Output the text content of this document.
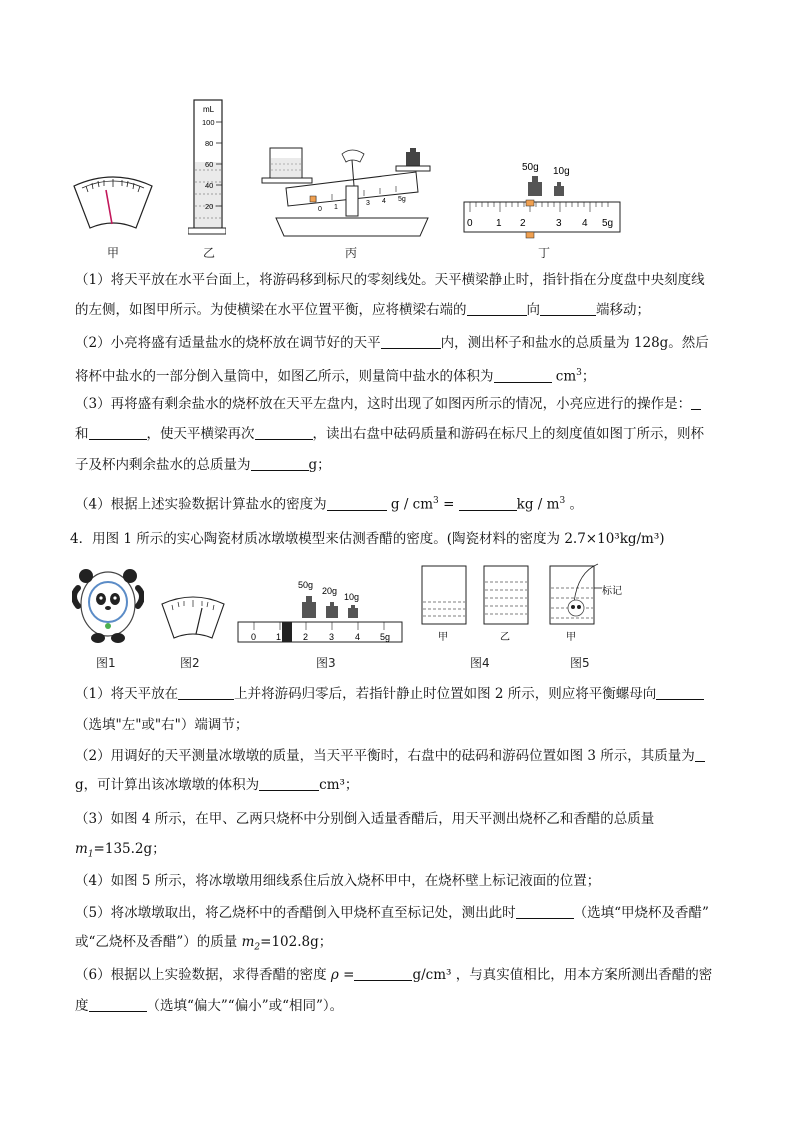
mL
100
80
60
40
20	0 1
3 4 5g
50g 10g
0 1 2	3 4 5g
甲	乙	丙	丁
（1）将天平放在水平台面上，将游码移到标尺的零刻线处。天平横梁静止时，指针指在分度盘中央刻度线
的左侧，如图甲所示。为使横梁在水平位置平衡，应将横梁右端的	向	端移动；
（2）小亮将盛有适量盐水的烧杯放在调节好的天平	内，测出杯子和盐水的总质量为 128g。然后
将杯中盐水的一部分倒入量筒中，如图乙所示，则量筒中盐水的体积为	$cm^3$；
（3）再将盛有剩余盐水的烧杯放在天平左盘内，这时出现了如图丙所示的情况，小亮应进行的操作是：
和	，使天平横梁再次	，读出右盘中砝码质量和游码在标尺上的刻度值如图丁所示，则杯
子及杯内剩余盐水的总质量为	g；
（4）根据上述实验数据计算盐水的密度为	g / $cm^3$ =	kg / $m^3$ 。
4．用图 1 所示的实心陶瓷材质冰墩墩模型来估测香醋的密度。(陶瓷材料的密度为 2.7×10³kg/m³)
50g
20g
10g
0 1 2 3 4 5g	甲	乙
标记
甲
图1	图2	图3	图4	图5
（1）将天平放在	上并将游码归零后，若指针静止时位置如图 2 所示，则应将平衡螺母向
（选填"左"或"右"）端调节；
（2）用调好的天平测量冰墩墩的质量，当天平平衡时，右盘中的砝码和游码位置如图 3 所示，其质量为
g，可计算出该冰墩墩的体积为	cm³；
（3）如图 4 所示，在甲、乙两只烧杯中分别倒入适量香醋后，用天平测出烧杯乙和香醋的总质量
$m_1=135.2g$；
（4）如图 5 所示，将冰墩墩用细线系住后放入烧杯甲中，在烧杯壁上标记液面的位置；
（5）将冰墩墩取出，将乙烧杯中的香醋倒入甲烧杯直至标记处，测出此时	（选填“甲烧杯及香醋”
或“乙烧杯及香醋”）的质量 $m_2=102.8g$；
（6）根据以上实验数据，求得香醋的密度 ρ =	g/cm³ ，与真实值相比，用本方案所测出香醋的密
度	（选填“偏大”“偏小”或“相同”）。
